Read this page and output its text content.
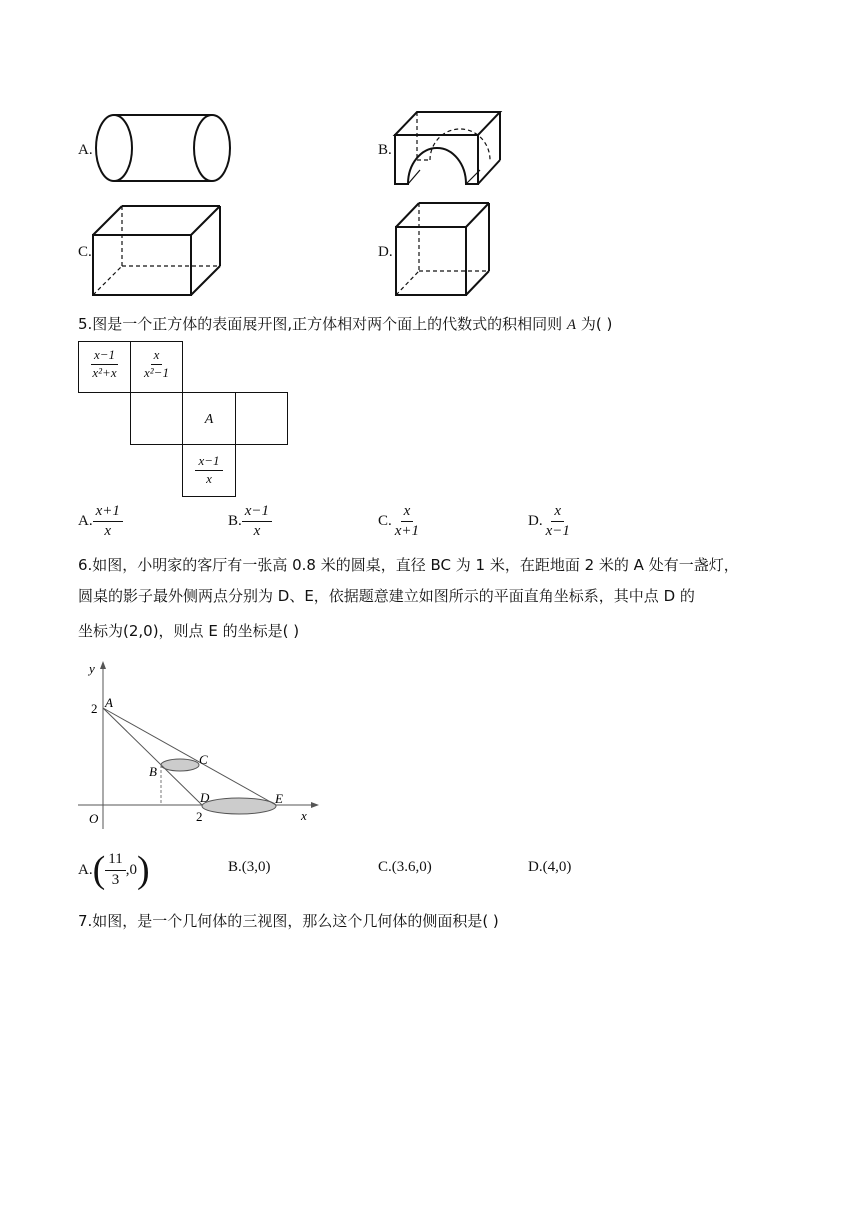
A.	B.
C.	D.
5.图是一个正方体的表面展开图,正方体相对两个面上的代数式的积相同则 A 为( )
$\frac{x-1}{\text{x²+x}} \frac{x}{\text{x²−1}}$
A
$\frac{x-1}{x}$
A. $\frac{x+1}{x}$	B. $\frac{x-1}{x}$	C. $\frac{x}{x+1}$	D. $\frac{x}{x-1}$
6.如图，小明家的客厅有一张高 0.8 米的圆桌，直径 BC 为 1 米，在距地面 2 米的 A 处有一盏灯，
圆桌的影子最外侧两点分别为 D、E，依据题意建立如图所示的平面直角坐标系，其中点 D 的
坐标为(2,0)，则点 E 的坐标是( )
y
x
O
2
2
A
B
C
D	E
A. ( $\frac{11}{3} ,0$ )	B. (3,0)	C. (3.6,0)	D. (4,0)
7.如图，是一个几何体的三视图，那么这个几何体的侧面积是( )
